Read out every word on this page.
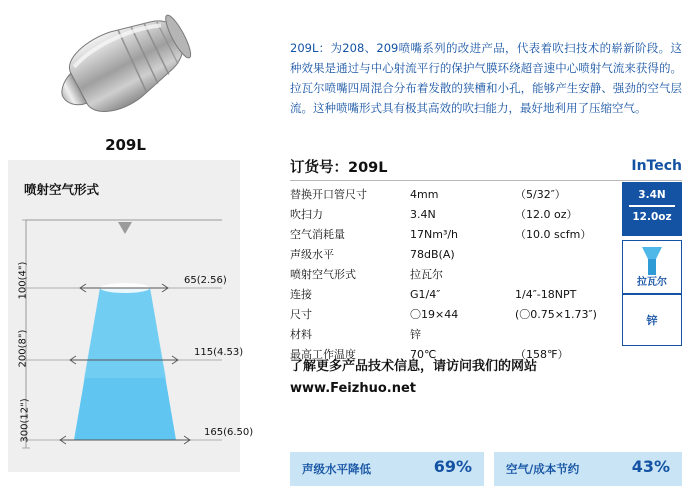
209L
喷射空气形式
65(2.56)
115(4.53)
165(6.50)
100(4")
200(8")
300(12")
209L：为208、209喷嘴系列的改进产品，代表着吹扫技术的崭新阶段。这种效果是通过与中心射流平行的保护气膜环绕超音速中心喷射气流来获得的。拉瓦尔喷嘴四周混合分布着发散的狭槽和小孔，能够产生安静、强劲的空气层流。这种喷嘴形式具有极其高效的吹扫能力，最好地利用了压缩空气。
订货号：209L	InTech
替换开口管尺寸	4mm	（5/32″）
吹扫力	3.4N	（12.0 oz）
空气消耗量	17Nm³/h	（10.0 scfm）
声级水平	78dB(A)	
喷射空气形式	拉瓦尔	
连接	G1/4″	1/4″-18NPT
尺寸	〇19×44	(〇0.75×1.73″)
材料	锌	
最高工作温度	70℃	（158℉）
了解更多产品技术信息，请访问我们的网站
www.Feizhuo.net
声级水平降低	69%	空气/成本节约	43%
3.4N
12.0oz
拉瓦尔
锌
